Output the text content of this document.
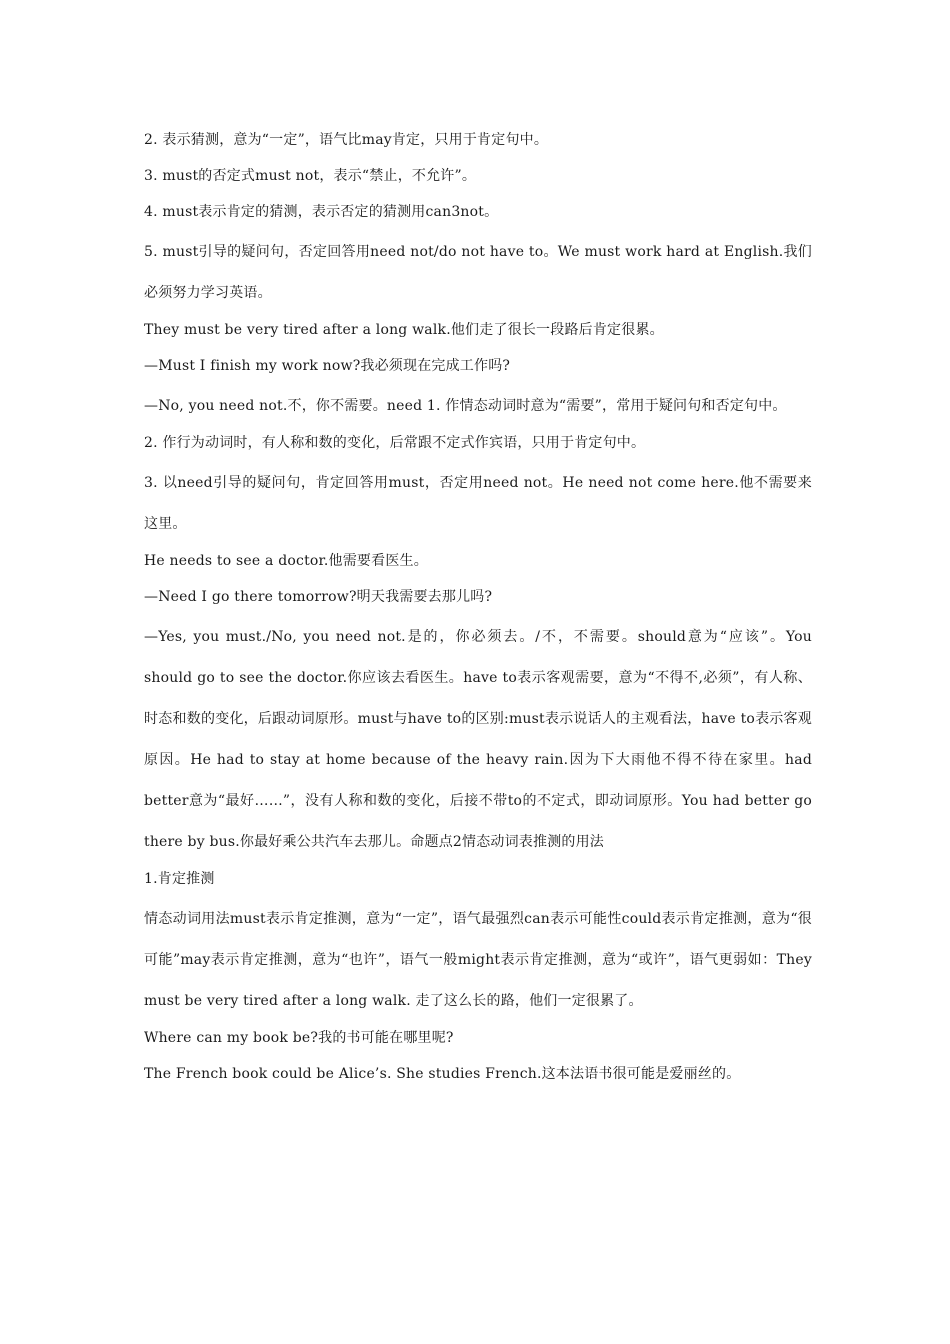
2. 表示猜测，意为“一定”，语气比may肯定，只用于肯定句中。

3. must的否定式must not，表示“禁止，不允许”。

4. must表示肯定的猜测，表示否定的猜测用can3not。

5. must引导的疑问句，否定回答用need not/do not have to。We must work hard at English.我们必须努力学习英语。

They must be very tired after a long walk.他们走了很长一段路后肯定很累。

—Must I finish my work now?我必须现在完成工作吗?

—No, you need not.不，你不需要。need 1. 作情态动词时意为“需要”，常用于疑问句和否定句中。

2. 作行为动词时，有人称和数的变化，后常跟不定式作宾语，只用于肯定句中。

3. 以need引导的疑问句，肯定回答用must，否定用need not。He need not come here.他不需要来这里。

He needs to see a doctor.他需要看医生。

—Need I go there tomorrow?明天我需要去那儿吗?

—Yes, you must./No, you need not.是的，你必须去。/不，不需要。should意为“应该”。You should go to see the doctor.你应该去看医生。have to表示客观需要，意为“不得不,必须”，有人称、时态和数的变化，后跟动词原形。must与have to的区别:must表示说话人的主观看法，have to表示客观原因。He had to stay at home because of the heavy rain.因为下大雨他不得不待在家里。had better意为“最好……”，没有人称和数的变化，后接不带to的不定式，即动词原形。You had better go there by bus.你最好乘公共汽车去那儿。命题点2情态动词表推测的用法

1.肯定推测

情态动词用法must表示肯定推测，意为“一定”，语气最强烈can表示可能性could表示肯定推测，意为“很可能”may表示肯定推测，意为“也许”，语气一般might表示肯定推测，意为“或许”，语气更弱如：They must be very tired after a long walk. 走了这么长的路，他们一定很累了。

Where can my book be?我的书可能在哪里呢?

The French book could be Alice’s. She studies French.这本法语书很可能是爱丽丝的。
